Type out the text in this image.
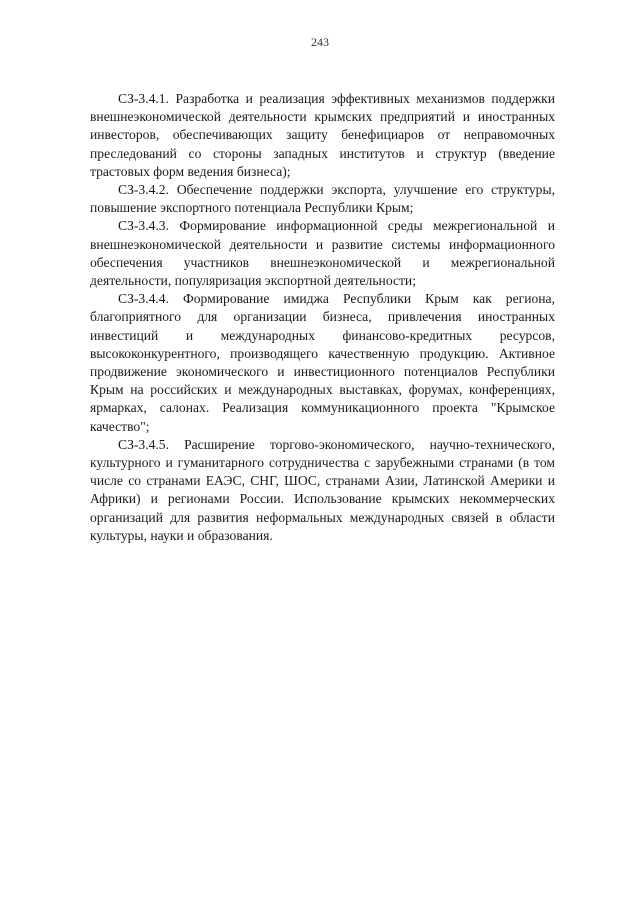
243

СЗ-3.4.1. Разработка и реализация эффективных механизмов поддержки внешнеэкономической деятельности крымских предприятий и иностранных инвесторов, обеспечивающих защиту бенефициаров от неправомочных преследований со стороны западных институтов и структур (введение трастовых форм ведения бизнеса);

СЗ-3.4.2. Обеспечение поддержки экспорта, улучшение его структуры, повышение экспортного потенциала Республики Крым;

СЗ-3.4.3. Формирование информационной среды межрегиональной и внешнеэкономической деятельности и развитие системы информационного обеспечения участников внешнеэкономической и межрегиональной деятельности, популяризация экспортной деятельности;

СЗ-3.4.4. Формирование имиджа Республики Крым как региона, благоприятного для организации бизнеса, привлечения иностранных инвестиций и международных финансово-кредитных ресурсов, высококонкурентного, производящего качественную продукцию. Активное продвижение экономического и инвестиционного потенциалов Республики Крым на российских и международных выставках, форумах, конференциях, ярмарках, салонах. Реализация коммуникационного проекта "Крымское качество";

СЗ-3.4.5. Расширение торгово-экономического, научно-технического, культурного и гуманитарного сотрудничества с зарубежными странами (в том числе со странами ЕАЭС, СНГ, ШОС, странами Азии, Латинской Америки и Африки) и регионами России. Использование крымских некоммерческих организаций для развития неформальных международных связей в области культуры, науки и образования.
